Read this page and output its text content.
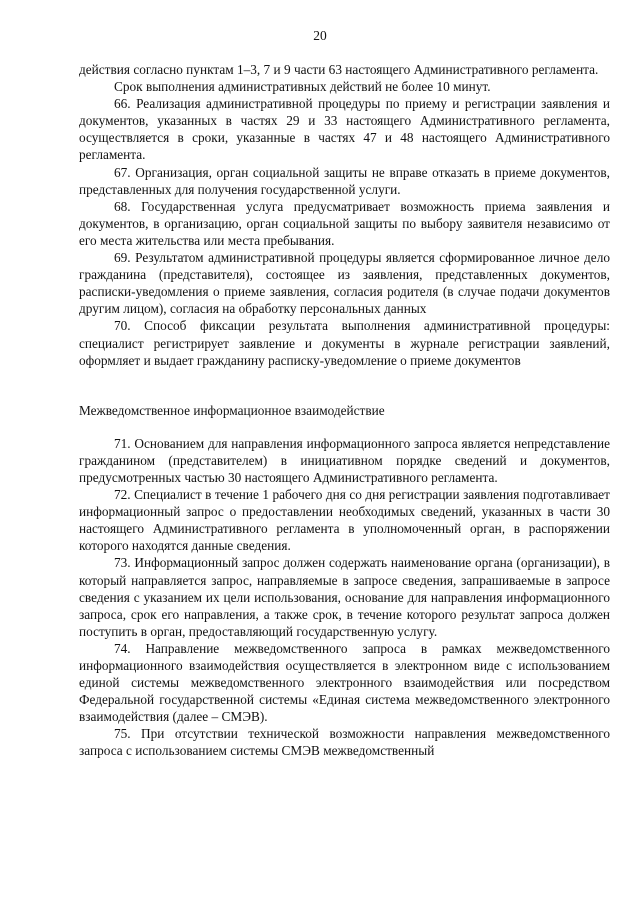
20

действия согласно пунктам 1–3, 7 и 9 части 63 настоящего Административного регламента.

Срок выполнения административных действий не более 10 минут.

66. Реализация административной процедуры по приему и регистрации заявления и документов, указанных в частях 29 и 33 настоящего Административного регламента, осуществляется в сроки, указанные в частях 47 и 48 настоящего Административного регламента.

67. Организация, орган социальной защиты не вправе отказать в приеме документов, представленных для получения государственной услуги.

68. Государственная услуга предусматривает возможность приема заявления и документов, в организацию, орган социальной защиты по выбору заявителя независимо от его места жительства или места пребывания.

69. Результатом административной процедуры является сформированное личное дело гражданина (представителя), состоящее из заявления, представленных документов, расписки-уведомления о приеме заявления, согласия родителя (в случае подачи документов другим лицом), согласия на обработку персональных данных

70. Способ фиксации результата выполнения административной процедуры: специалист регистрирует заявление и документы в журнале регистрации заявлений, оформляет и выдает гражданину расписку-уведомление о приеме документов

Межведомственное информационное взаимодействие

71. Основанием для направления информационного запроса является непредставление гражданином (представителем) в инициативном порядке сведений и документов, предусмотренных частью 30 настоящего Административного регламента.

72. Специалист в течение 1 рабочего дня со дня регистрации заявления подготавливает информационный запрос о предоставлении необходимых сведений, указанных в части 30 настоящего Административного регламента в уполномоченный орган, в распоряжении которого находятся данные сведения.

73. Информационный запрос должен содержать наименование органа (организации), в который направляется запрос, направляемые в запросе сведения, запрашиваемые в запросе сведения с указанием их цели использования, основание для направления информационного запроса, срок его направления, а также срок, в течение которого результат запроса должен поступить в орган, предоставляющий государственную услугу.

74. Направление межведомственного запроса в рамках межведомственного информационного взаимодействия осуществляется в электронном виде с использованием единой системы межведомственного электронного взаимодействия или посредством Федеральной государственной системы «Единая система межведомственного электронного взаимодействия (далее – СМЭВ).

75. При отсутствии технической возможности направления межведомственного запроса с использованием системы СМЭВ межведомственный
